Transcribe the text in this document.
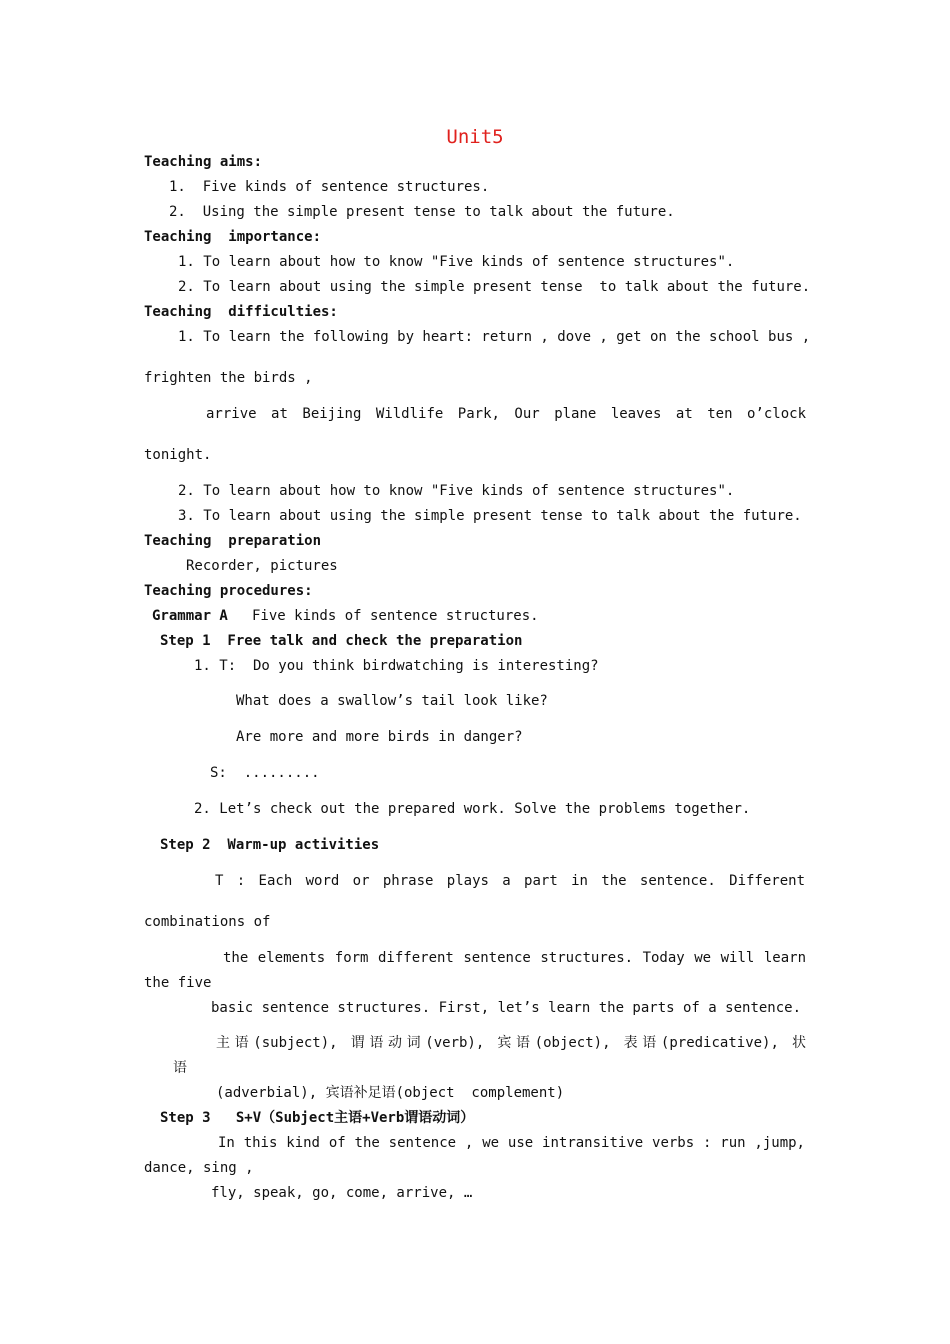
Unit5
Teaching aims:
1.  Five kinds of sentence structures.
2.  Using the simple present tense to talk about the future.
Teaching  importance:
1. To learn about how to know "Five kinds of sentence structures".
2. To learn about using the simple present tense  to talk about the future.
Teaching  difficulties:
1. To learn the following by heart: return , dove , get on the school bus ,
frighten the birds ,
arrive at Beijing Wildlife Park, Our plane leaves at ten o’clock
tonight.
2. To learn about how to know "Five kinds of sentence structures".
3. To learn about using the simple present tense to talk about the future.
Teaching  preparation
Recorder, pictures
Teaching procedures:
Grammar A Five kinds of sentence structures.
Step 1  Free talk and check the preparation
1. T:  Do you think birdwatching is interesting?
What does a swallow’s tail look like?
Are more and more birds in danger?
S:  .........
2. Let’s check out the prepared work. Solve the problems together.
Step 2  Warm-up activities
T : Each word or phrase plays a part in the sentence. Different
combinations of
the elements form different sentence structures. Today we will learn
the five
basic sentence structures. First, let’s learn the parts of a sentence.
主语(subject), 谓语动词(verb), 宾语(object), 表语(predicative), 状
语
(adverbial), 宾语补足语(object  complement)
Step 3   S+V（Subject主语+Verb谓语动词）
In this kind of the sentence , we use intransitive verbs : run ,jump,
dance, sing ,
fly, speak, go, come, arrive, …
